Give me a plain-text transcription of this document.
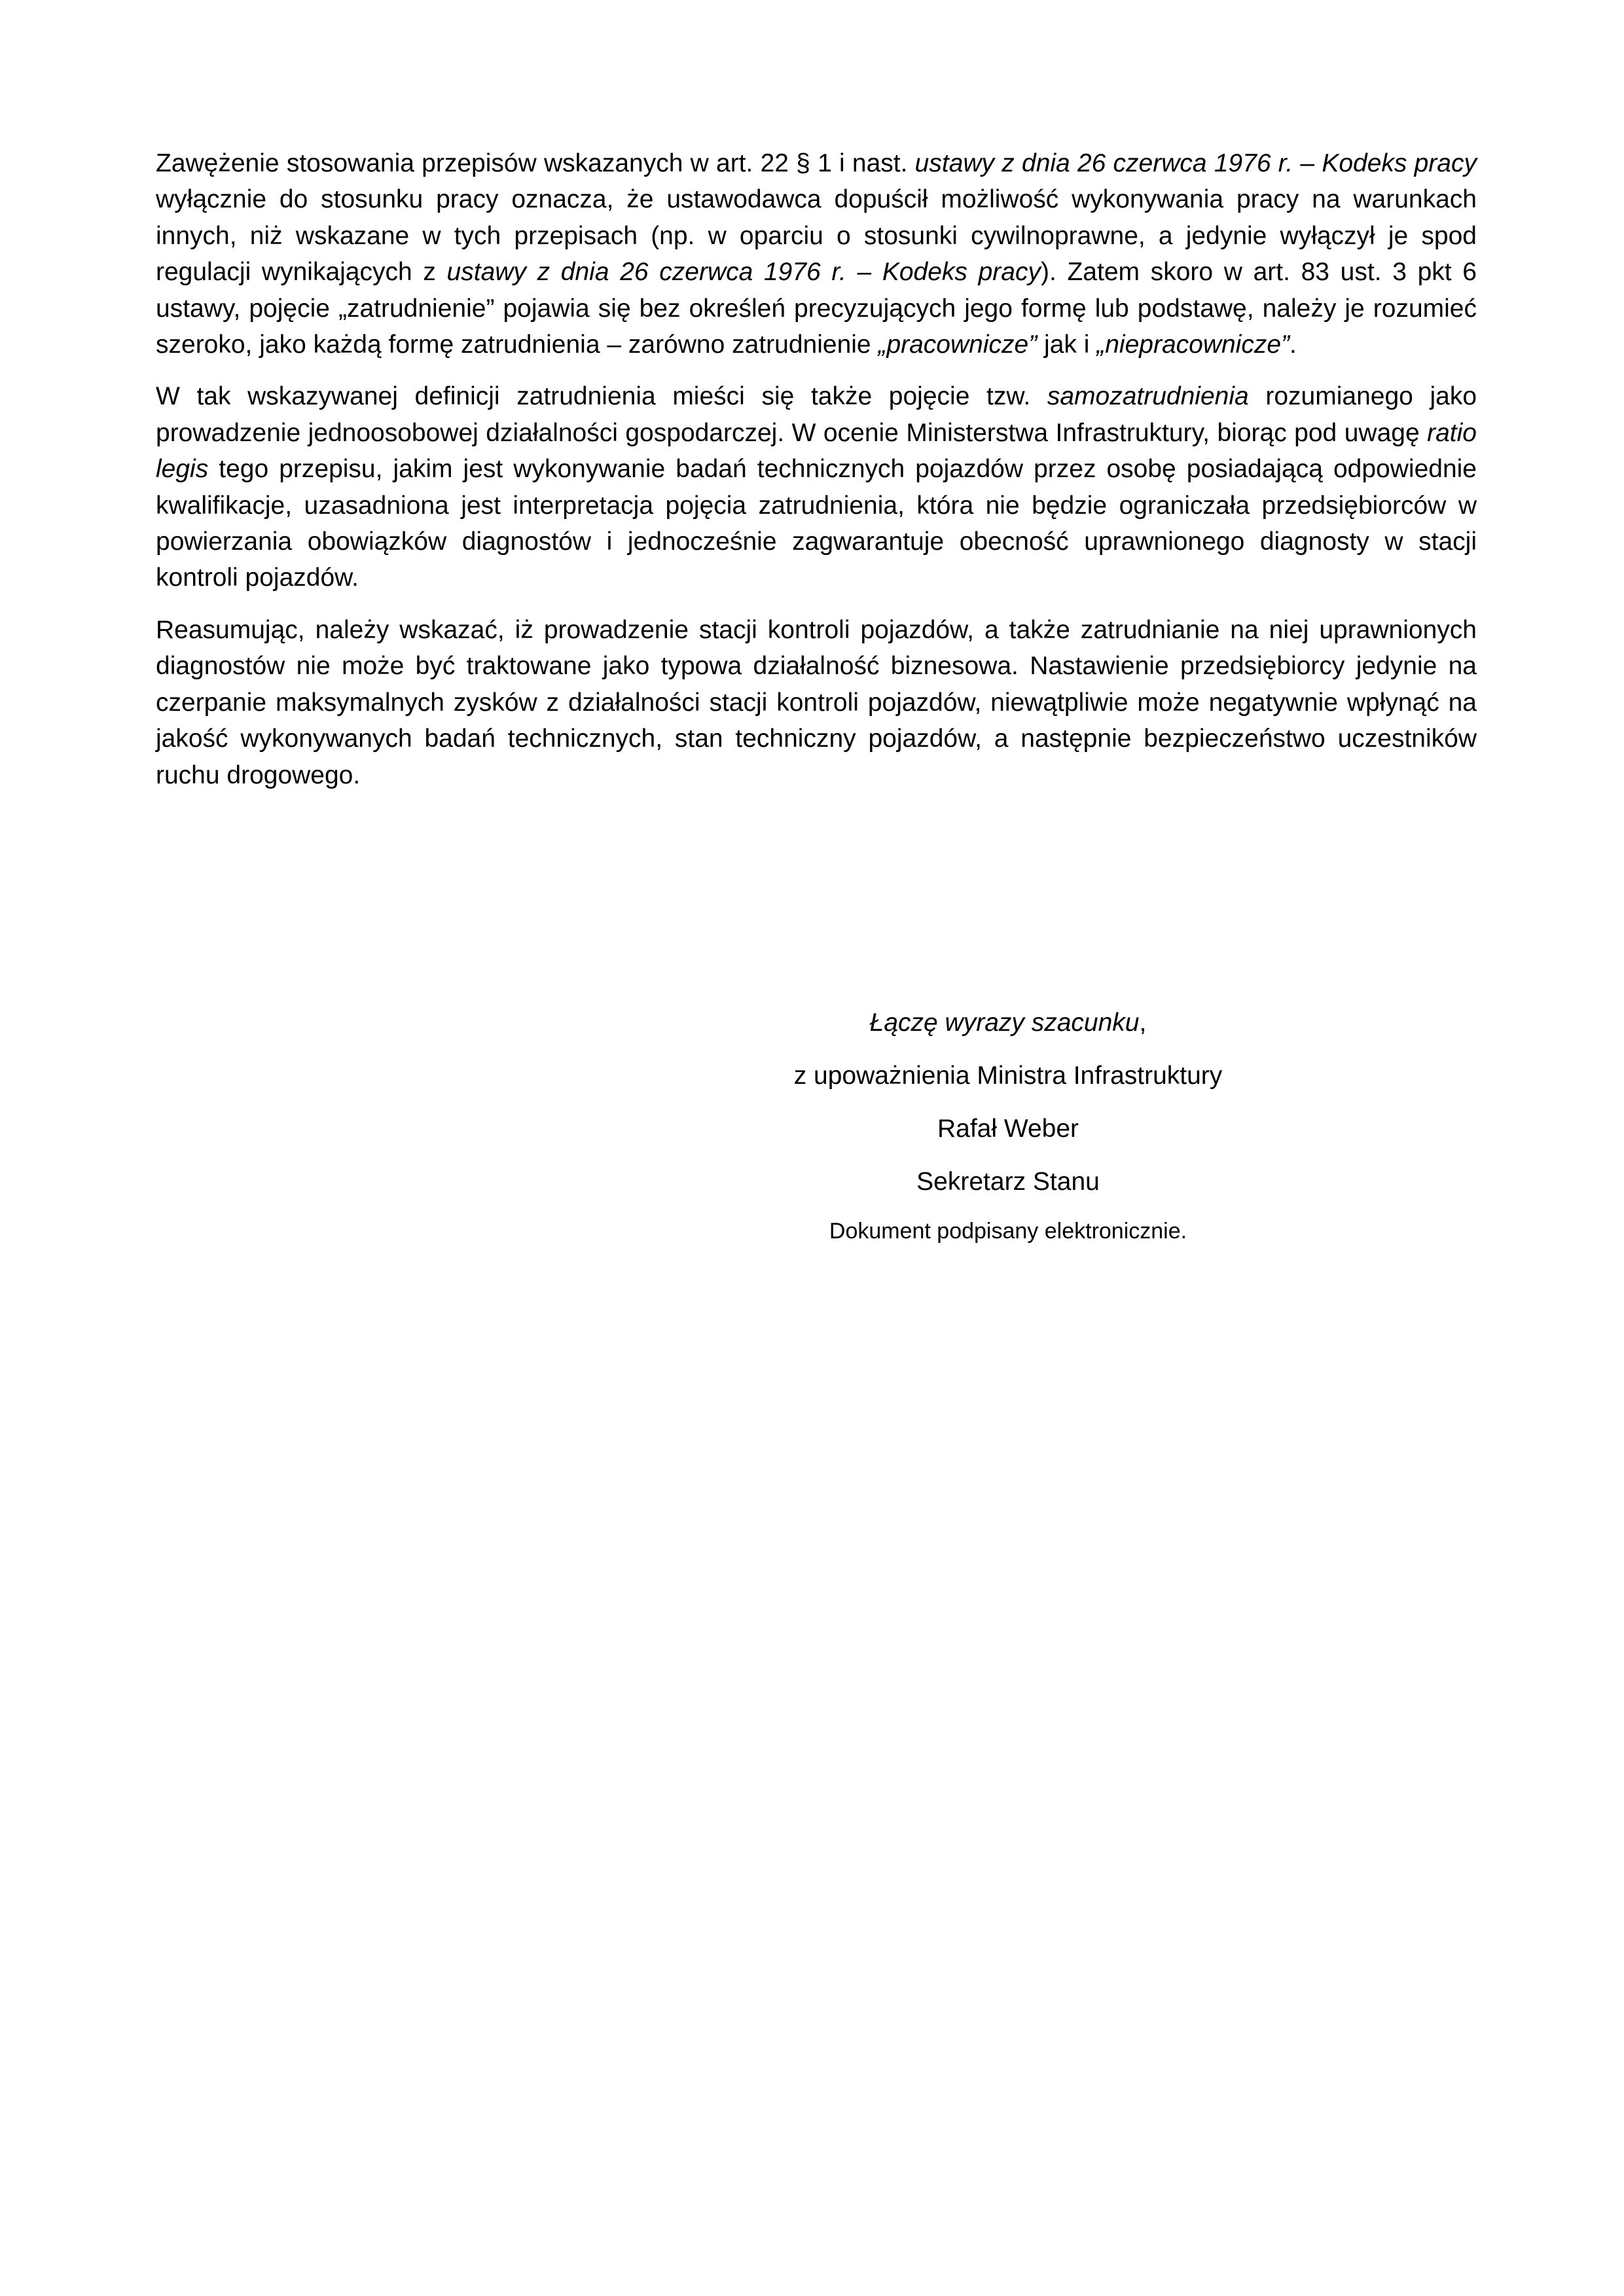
Zawężenie stosowania przepisów wskazanych w art. 22 § 1 i nast. ustawy z dnia 26 czerwca 1976 r. – Kodeks pracy wyłącznie do stosunku pracy oznacza, że ustawodawca dopuścił możliwość wykonywania pracy na warunkach innych, niż wskazane w tych przepisach (np. w oparciu o stosunki cywilnoprawne, a jedynie wyłączył je spod regulacji wynikających z ustawy z dnia 26 czerwca 1976 r. – Kodeks pracy). Zatem skoro w art. 83 ust. 3 pkt 6 ustawy, pojęcie „zatrudnienie” pojawia się bez określeń precyzujących jego formę lub podstawę, należy je rozumieć szeroko, jako każdą formę zatrudnienia – zarówno zatrudnienie „pracownicze” jak i „niepracownicze”.

W tak wskazywanej definicji zatrudnienia mieści się także pojęcie tzw. samozatrudnienia rozumianego jako prowadzenie jednoosobowej działalności gospodarczej. W ocenie Ministerstwa Infrastruktury, biorąc pod uwagę ratio legis tego przepisu, jakim jest wykonywanie badań technicznych pojazdów przez osobę posiadającą odpowiednie kwalifikacje, uzasadniona jest interpretacja pojęcia zatrudnienia, która nie będzie ograniczała przedsiębiorców w powierzania obowiązków diagnostów i jednocześnie zagwarantuje obecność uprawnionego diagnosty w stacji kontroli pojazdów.

Reasumując, należy wskazać, iż prowadzenie stacji kontroli pojazdów, a także zatrudnianie na niej uprawnionych diagnostów nie może być traktowane jako typowa działalność biznesowa. Nastawienie przedsiębiorcy jedynie na czerpanie maksymalnych zysków z działalności stacji kontroli pojazdów, niewątpliwie może negatywnie wpłynąć na jakość wykonywanych badań technicznych, stan techniczny pojazdów, a następnie bezpieczeństwo uczestników ruchu drogowego.

Łączę wyrazy szacunku,
z upoważnienia Ministra Infrastruktury
Rafał Weber
Sekretarz Stanu
Dokument podpisany elektronicznie.
